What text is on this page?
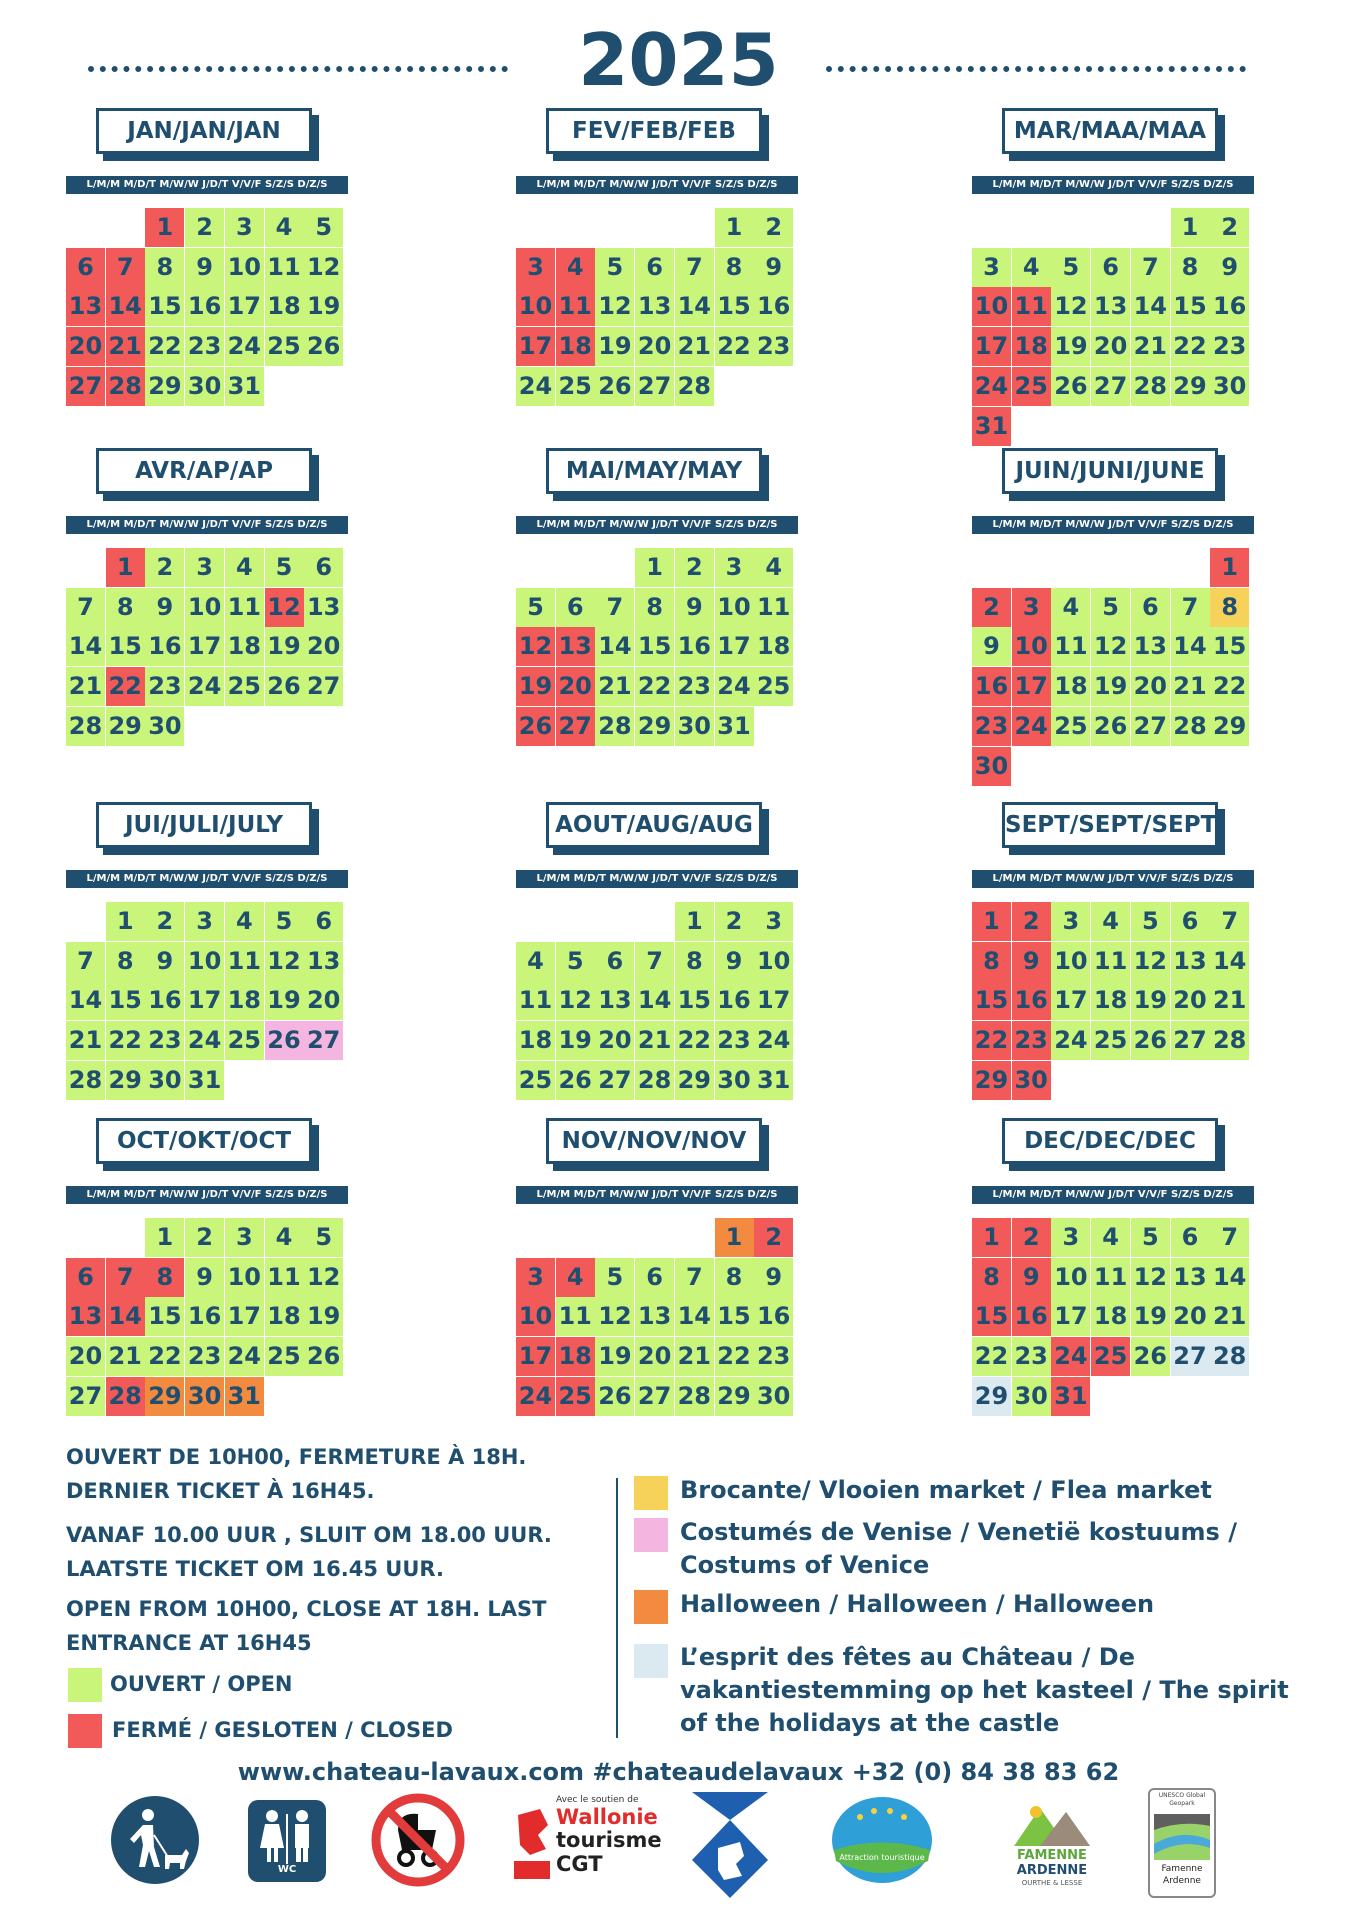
2025
JAN/JAN/JAN
L/M/M M/D/T M/W/W J/D/T V/V/F S/Z/S D/Z/S
1 2 3 4 5
6 7 8 9 10 11 12
13 14 15 16 17 18 19
20 21 22 23 24 25 26
27 28 29 30 31
FEV/FEB/FEB
L/M/M M/D/T M/W/W J/D/T V/V/F S/Z/S D/Z/S
1 2
3 4 5 6 7 8 9
10 11 12 13 14 15 16
17 18 19 20 21 22 23
24 25 26 27 28
MAR/MAA/MAA
L/M/M M/D/T M/W/W J/D/T V/V/F S/Z/S D/Z/S
1 2
3 4 5 6 7 8 9
10 11 12 13 14 15 16
17 18 19 20 21 22 23
24 25 26 27 28 29 30
31
AVR/AP/AP
L/M/M M/D/T M/W/W J/D/T V/V/F S/Z/S D/Z/S
1 2 3 4 5 6
7 8 9 10 11 12 13
14 15 16 17 18 19 20
21 22 23 24 25 26 27
28 29 30
MAI/MAY/MAY
L/M/M M/D/T M/W/W J/D/T V/V/F S/Z/S D/Z/S
1 2 3 4
5 6 7 8 9 10 11
12 13 14 15 16 17 18
19 20 21 22 23 24 25
26 27 28 29 30 31
JUIN/JUNI/JUNE
L/M/M M/D/T M/W/W J/D/T V/V/F S/Z/S D/Z/S
1
2 3 4 5 6 7 8
9 10 11 12 13 14 15
16 17 18 19 20 21 22
23 24 25 26 27 28 29
30
JUI/JULI/JULY
L/M/M M/D/T M/W/W J/D/T V/V/F S/Z/S D/Z/S
1 2 3 4 5 6
7 8 9 10 11 12 13
14 15 16 17 18 19 20
21 22 23 24 25 26 27
28 29 30 31
AOUT/AUG/AUG
L/M/M M/D/T M/W/W J/D/T V/V/F S/Z/S D/Z/S
1 2 3
4 5 6 7 8 9 10
11 12 13 14 15 16 17
18 19 20 21 22 23 24
25 26 27 28 29 30 31
SEPT/SEPT/SEPT
L/M/M M/D/T M/W/W J/D/T V/V/F S/Z/S D/Z/S
1 2 3 4 5 6 7
8 9 10 11 12 13 14
15 16 17 18 19 20 21
22 23 24 25 26 27 28
29 30
OCT/OKT/OCT
L/M/M M/D/T M/W/W J/D/T V/V/F S/Z/S D/Z/S
1 2 3 4 5
6 7 8 9 10 11 12
13 14 15 16 17 18 19
20 21 22 23 24 25 26
27 28 29 30 31
NOV/NOV/NOV
L/M/M M/D/T M/W/W J/D/T V/V/F S/Z/S D/Z/S
1 2
3 4 5 6 7 8 9
10 11 12 13 14 15 16
17 18 19 20 21 22 23
24 25 26 27 28 29 30
DEC/DEC/DEC
L/M/M M/D/T M/W/W J/D/T V/V/F S/Z/S D/Z/S
1 2 3 4 5 6 7
8 9 10 11 12 13 14
15 16 17 18 19 20 21
22 23 24 25 26 27 28
29 30 31

OUVERT DE 10H00, FERMETURE À 18H.

DERNIER TICKET À 16H45.

VANAF 10.00 UUR , SLUIT OM 18.00 UUR.

LAATSTE TICKET OM 16.45 UUR.

OPEN FROM 10H00, CLOSE AT 18H. LAST

ENTRANCE AT 16H45

OUVERT / OPEN
FERMÉ / GESLOTEN / CLOSED
Brocante/ Vlooien market / Flea market
Costumés de Venise / Venetië kostuums /
Costums of Venice
Halloween / Halloween / Halloween
L’esprit des fêtes au Château / De
vakantiestemming op het kasteel / The spirit
of the holidays at the castle
www.chateau-lavaux.com #chateaudelavaux +32 (0) 84 38 83 62
WC
Avec le soutien de
Wallonie
tourisme
CGT	Attraction touristique	FAMENNE
ARDENNE
OURTHE & LESSE
UNESCO Global Geopark
Famenne
Ardenne
